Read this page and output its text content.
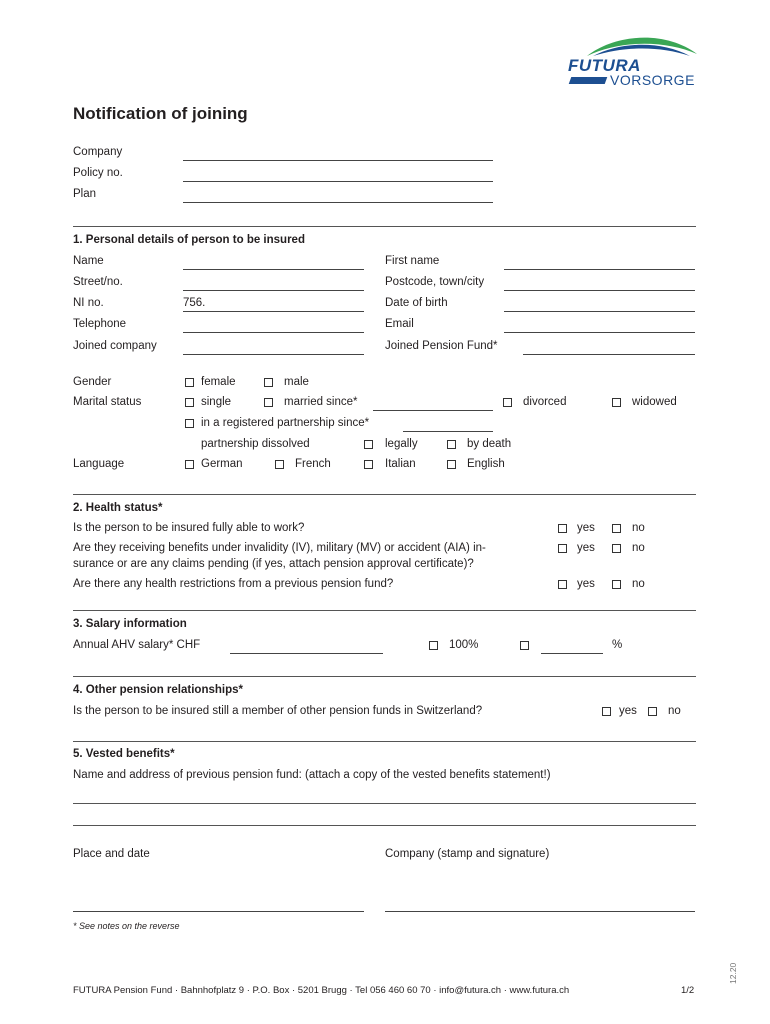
FUTURA
VORSORGE
Notification of joining
Company
Policy no.
Plan
1. Personal details of person to be insured
Name	First name
Street/no.	Postcode, town/city
NI no.	756.	Date of birth
Telephone	Email
Joined company	Joined Pension Fund*
Gender	female	male
Marital status	single	married since*	divorced	widowed
in a registered partnership since*
partnership dissolved	legally	by death
Language	German	French	Italian	English
2. Health status*
Is the person to be insured fully able to work?	yes	no
Are they receiving benefits under invalidity (IV), military (MV) or accident (AIA) in-
surance or are any claims pending (if yes, attach pension approval certificate)?
yes	no
Are there any health restrictions from a previous pension fund?	yes	no
3. Salary information
Annual AHV salary* CHF	100%	%
4. Other pension relationships*
Is the person to be insured still a member of other pension funds in Switzerland?	yes	no
5. Vested benefits*
Name and address of previous pension fund: (attach a copy of the vested benefits statement!)
Place and date	Company (stamp and signature)
* See notes on the reverse
FUTURA Pension Fund · Bahnhofplatz 9 · P.O. Box · 5201 Brugg · Tel 056 460 60 70 · info@futura.ch · www.futura.ch	1/2
12.20
